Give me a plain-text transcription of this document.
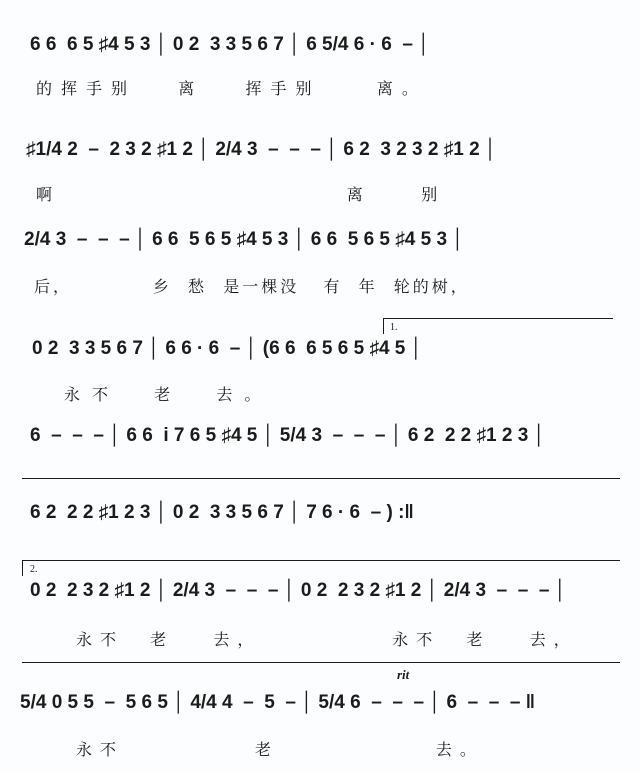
6 6  6 5 ♯4 5 3 │ 0 2  3 3 5 6 7 │ 6 5/4 6 · 6  – │
的挥手别   离   挥手别    离。
♯1/4 2  –  2 3 2 ♯1 2 │ 2/4 3  –  –  – │ 6 2  3 2 3 2 ♯1 2 │
啊                                离      别
2/4 3  –  –  – │ 6 6  5 6 5 ♯4 5 3 │ 6 6  5 6 5 ♯4 5 3 │
后，          乡  愁  是一棵没   有  年  轮的树，
1.
0 2  3 3 5 6 7 │ 6 6 · 6  – │ (6 6  6 5 6 5 ♯4 5 │
永不  老  去。
6  –  –  – │ 6 6  i 7 6 5 ♯4 5 │ 5/4 3  –  –  – │ 6 2  2 2 ♯1 2 3 │
6 2  2 2 ♯1 2 3 │ 0 2  3 3 5 6 7 │ 7 6 · 6  – ) :‖
2.
0 2  2 3 2 ♯1 2 │ 2/4 3  –  –  – │ 0 2  2 3 2 ♯1 2 │ 2/4 3  –  –  – │
永不  老   去，          永不  老   去，
rit
5/4 0 5 5  –  5 6 5 │ 4/4 4  –  5  – │ 5/4 6  –  –  – │ 6  –  –  – ‖
永不          老            去。
